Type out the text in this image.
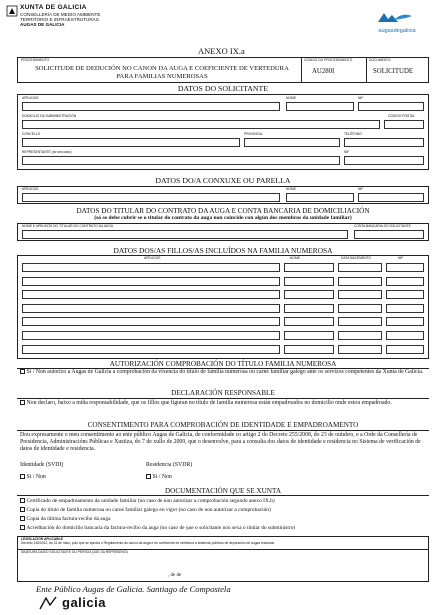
XUNTA DE GALICIA
CONSELLERÍA DE MEDIO AMBIENTE
TERRITORIO E INFRAESTRUTURAS
AUGAS DE GALICIA
augasdegalicia
ANEXO IX.a
PROCEDEMENTO
SOLICITUDE DE DEDUCIÓN NO CANON DA AUGA E COEFICIENTE DE VERTEDURA PARA FAMILIAS NUMEROSAS
CÓDIGO DO PROCEDEMENTO
AU280I
DOCUMENTO
SOLICITUDE
DATOS DO SOLICITANTE
APELIDOS	NOME	NIF
DOMICILIO DA SUBMINISTRACIÓN	CÓDIGO POSTAL
CONCELLO	PROVINCIA	TELÉFONO
REPRESENTANTE (no seu caso)	NIF
DATOS DO/A CONXUXE OU PARELLA
APELIDOS	NOME	NIF
DATOS DO TITULAR DO CONTRATO DA AUGA E CONTA BANCARIA DE DOMICILIACIÓN
(só se debe cubrir se o titular do contrato da auga non coincide con algún dos membros da unidade familiar)
NOME E APELIDOS DO TITULAR DO CONTRATO DA AUGA	CONTA BANCARIA DO SOLICITANTE
DATOS DOS/AS FILLOS/AS INCLUÍDOS NA FAMILIA NUMEROSA
APELIDOS	NOME	DATA NACEMENTO	NIF
AUTORIZACIÓN COMPROBACIÓN DO TÍTULO FAMILIA NUMEROSA
Si / Non autorizo a Augas de Galicia a comprobación da vixencia do título de familia numerosa ou carné familiar galego ante os servizos competentes da Xunta de Galicia.
DECLARACIÓN RESPONSABLE
Non declaro, baixo a miña responsabilidade, que os fillos que figuran no título de familia numerosa están empadroados no domicilio onde estou empadroado.
CONSENTIMENTO PARA COMPROBACIÓN DE IDENTIDADE E EMPADROAMENTO
Dou expresamente o meu consentimento ao ente público Augas de Galicia, de conformidade co artigo 2 do Decreto 255/2008, do 23 de outubro, e a Orde da Consellería de Presidencia, Administracións Públicas e Xustiza, do 7 de xullo de 2009, que o desenvolve, para a consulta dos datos de identidade e residencia no Sistema de verificación de datos de identidade e residencia.
Identidade (SVDI)	Residencia (SVDR)
Si / Non	Si / Non
DOCUMENTACIÓN QUE SE XUNTA
Certificado de empadroamento da unidade familiar (no caso de non autorizar a comprobación segundo anexo IX.b)
Copia do título de familia numerosa ou carné familiar galego en vigor (no caso de non autorizar a comprobación)
Copia da última factura-recibo da auga
Acreditación do domicilio bancaria da factura-recibo da auga (no caso de que o solicitante non sexa o titular do subministro)
LEXISLACIÓN APLICABLE
Decreto 136/2012, do 31 de maio, polo que se aproba o Regulamento do canon da auga e do coeficiente de vertedura a sistemas públicos de depuración de augas residuais
SINATURA DA/DO SOLICITANTE OU PERSOA QUE OA REPRESENTA
, de de
Ente Público Augas de Galicia. Santiago de Compostela
$^{galicia}$
